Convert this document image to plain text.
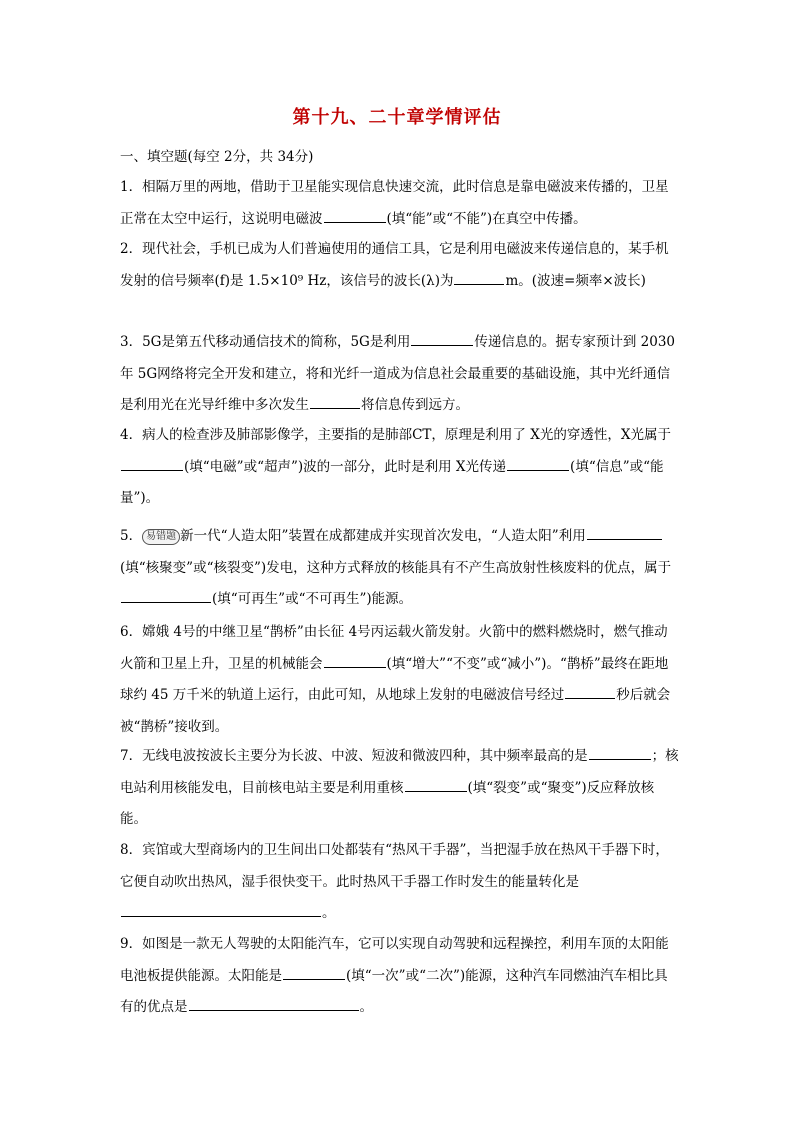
第十九、二十章学情评估
一、填空题(每空 2分，共 34分)
1．相隔万里的两地，借助于卫星能实现信息快速交流，此时信息是靠电磁波来传播的，卫星正常在太空中运行，这说明电磁波	(填“能”或“不能”)在真空中传播。
2．现代社会，手机已成为人们普遍使用的通信工具，它是利用电磁波来传递信息的，某手机发射的信号频率(f)是 1.5×10⁹ Hz，该信号的波长(λ)为	m。(波速=频率×波长)
3．5G是第五代移动通信技术的简称，5G是利用	传递信息的。据专家预计到 2030年 5G网络将完全开发和建立，将和光纤一道成为信息社会最重要的基础设施，其中光纤通信是利用光在光导纤维中多次发生	将信息传到远方。
4．病人的检查涉及肺部影像学，主要指的是肺部CT，原理是利用了 X光的穿透性，X光属于(填“电磁”或“超声”)波的一部分，此时是利用 X光传递	(填“信息”或“能量”)。
5． 易错题 新一代“人造太阳”装置在成都建成并实现首次发电，“人造太阳”利用(填“核聚变”或“核裂变”)发电，这种方式释放的核能具有不产生高放射性核废料的优点，属于(填“可再生”或“不可再生”)能源。
6．嫦娥 4号的中继卫星“鹊桥”由长征 4号丙运载火箭发射。火箭中的燃料燃烧时，燃气推动火箭和卫星上升，卫星的机械能会	(填“增大”“不变”或“减小”)。“鹊桥”最终在距地球约 45 万千米的轨道上运行，由此可知，从地球上发射的电磁波信号经过	秒后就会被“鹊桥”接收到。
7．无线电波按波长主要分为长波、中波、短波和微波四种，其中频率最高的是	；核电站利用核能发电，目前核电站主要是利用重核	(填“裂变”或“聚变”)反应释放核能。
8．宾馆或大型商场内的卫生间出口处都装有“热风干手器”，当把湿手放在热风干手器下时，它便自动吹出热风，湿手很快变干。此时热风干手器工作时发生的能量转化是。
9．如图是一款无人驾驶的太阳能汽车，它可以实现自动驾驶和远程操控，利用车顶的太阳能电池板提供能源。太阳能是	(填“一次”或“二次”)能源，这种汽车同燃油汽车相比具有的优点是	。
